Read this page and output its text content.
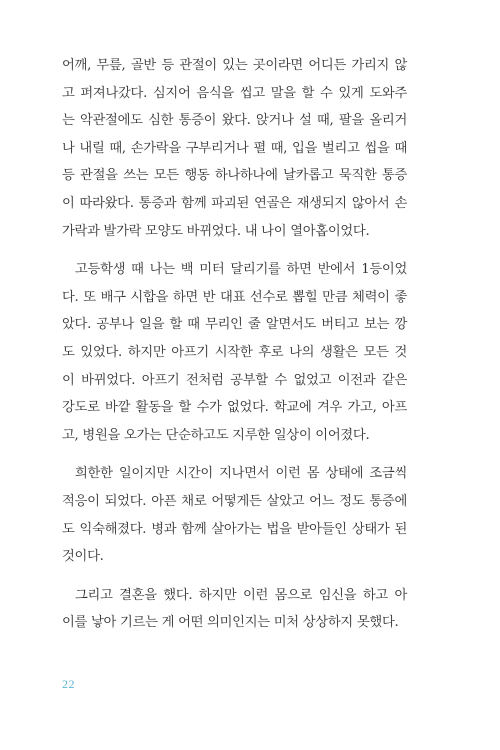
어깨, 무릎, 골반 등 관절이 있는 곳이라면 어디든 가리지 않
고 퍼져나갔다. 심지어 음식을 씹고 말을 할 수 있게 도와주
는 악관절에도 심한 통증이 왔다. 앉거나 설 때, 팔을 올리거
나 내릴 때, 손가락을 구부리거나 펼 때, 입을 벌리고 씹을 때
등 관절을 쓰는 모든 행동 하나하나에 날카롭고 묵직한 통증
이 따라왔다. 통증과 함께 파괴된 연골은 재생되지 않아서 손
가락과 발가락 모양도 바뀌었다. 내 나이 열아홉이었다.
고등학생 때 나는 백 미터 달리기를 하면 반에서 1등이었
다. 또 배구 시합을 하면 반 대표 선수로 뽑힐 만큼 체력이 좋
았다. 공부나 일을 할 때 무리인 줄 알면서도 버티고 보는 깡
도 있었다. 하지만 아프기 시작한 후로 나의 생활은 모든 것
이 바뀌었다. 아프기 전처럼 공부할 수 없었고 이전과 같은
강도로 바깥 활동을 할 수가 없었다. 학교에 겨우 가고, 아프
고, 병원을 오가는 단순하고도 지루한 일상이 이어졌다.
희한한 일이지만 시간이 지나면서 이런 몸 상태에 조금씩
적응이 되었다. 아픈 채로 어떻게든 살았고 어느 정도 통증에
도 익숙해졌다. 병과 함께 살아가는 법을 받아들인 상태가 된
것이다.
그리고 결혼을 했다. 하지만 이런 몸으로 임신을 하고 아
이를 낳아 기르는 게 어떤 의미인지는 미처 상상하지 못했다.
22
